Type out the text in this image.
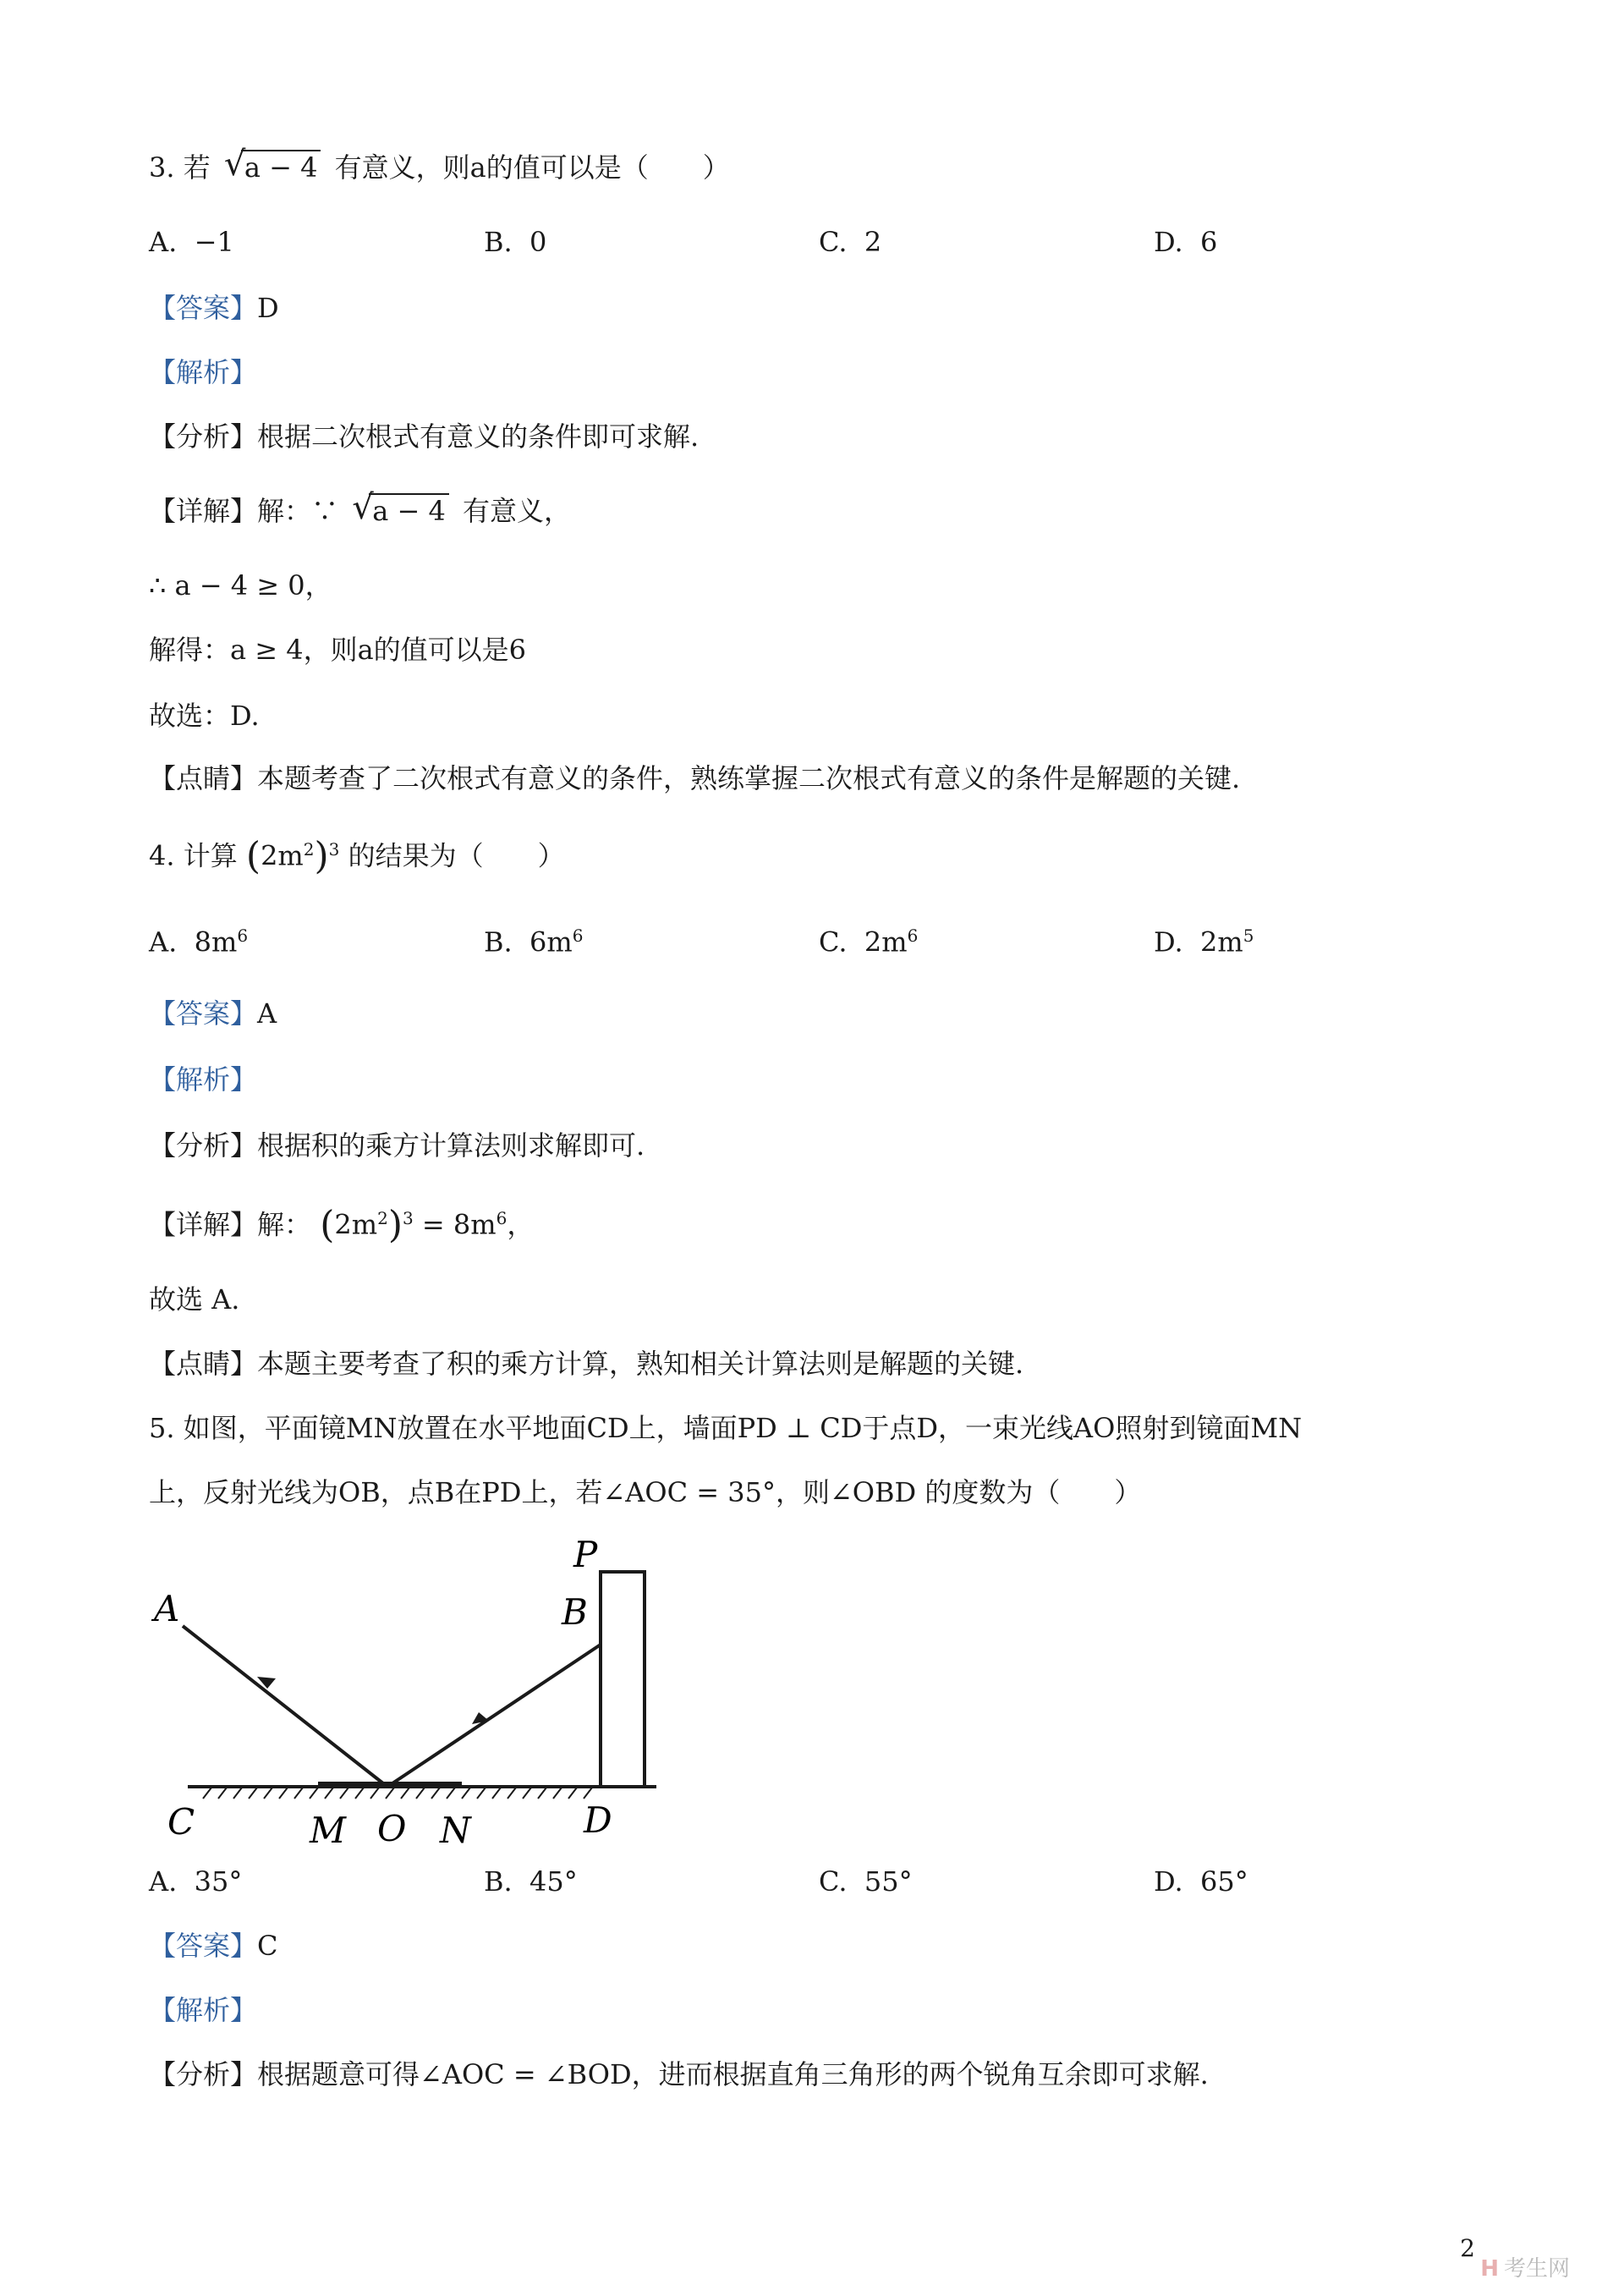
3. 若 √
a − 4 有意义，则a的值可以是（　　）
A. −1	B. 0	C. 2	D. 6
【答案】D
【解析】
【分析】根据二次根式有意义的条件即可求解.
【详解】解：∵ √
a − 4 有意义，
∴ a − 4 ≥ 0，
解得：a ≥ 4，则a的值可以是6
故选：D.
【点睛】本题考查了二次根式有意义的条件，熟练掌握二次根式有意义的条件是解题的关键.
4. 计算 $(2m^2)^3$ 的结果为（　　）
A. $8m^6$	B. $6m^6$	C. $2m^6$	D. $2m^5$
【答案】A
【解析】
【分析】根据积的乘方计算法则求解即可.
【详解】解： $(2m^2)^3 = 8m^6$，
故选 A.
【点睛】本题主要考查了积的乘方计算，熟知相关计算法则是解题的关键.
5. 如图，平面镜MN放置在水平地面CD上，墙面PD ⊥ CD于点D，一束光线AO照射到镜面MN
上，反射光线为OB，点B在PD上，若∠AOC = 35°，则∠OBD 的度数为（　　）
A	B
P
C	M O N	D
A. 35°	B. 45°	C. 55°	D. 65°
【答案】C
【解析】
【分析】根据题意可得∠AOC = ∠BOD，进而根据直角三角形的两个锐角互余即可求解.
2
H 考生网
